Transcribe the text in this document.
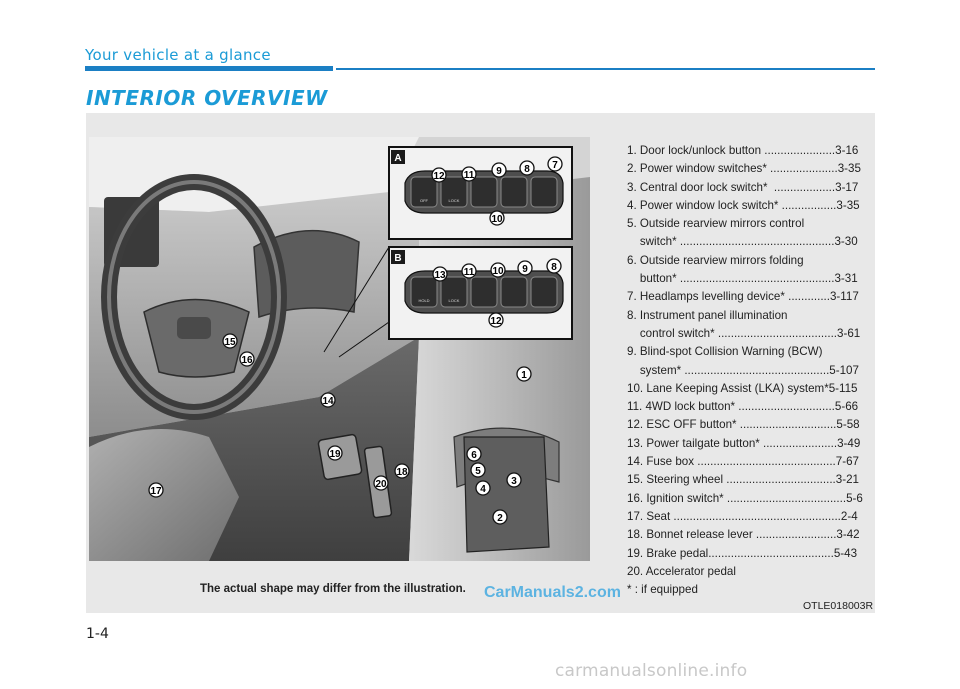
Your vehicle at a glance
INTERIOR OVERVIEW
A
OFF	LOCK
B
HOLD	LOCK
12 11 9 8 7
10
13 11 10 9 8
12
1
2
3
4
5
6
14
15
16
17
18
19
20
The actual shape may differ from the illustration. CarManuals2.com
1. Door lock/unlock button ......................3-16
2. Power window switches* .....................3-35
3. Central door lock switch*  ...................3-17
4. Power window lock switch* .................3-35
5. Outside rearview mirrors control
switch* ................................................3-30
6. Outside rearview mirrors folding
button* ................................................3-31
7. Headlamps levelling device* .............3-117
8. Instrument panel illumination
control switch* .....................................3-61
9. Blind-spot Collision Warning (BCW)
system* .............................................5-107
10. Lane Keeping Assist (LKA) system*5-115
11. 4WD lock button* ..............................5-66
12. ESC OFF button* ..............................5-58
13. Power tailgate button* .......................3-49
14. Fuse box ...........................................7-67
15. Steering wheel ..................................3-21
16. Ignition switch* .....................................5-6
17. Seat ....................................................2-4
18. Bonnet release lever .........................3-42
19. Brake pedal.......................................5-43
20. Accelerator pedal
* : if equipped
OTLE018003R
1-4
carmanualsonline.info
